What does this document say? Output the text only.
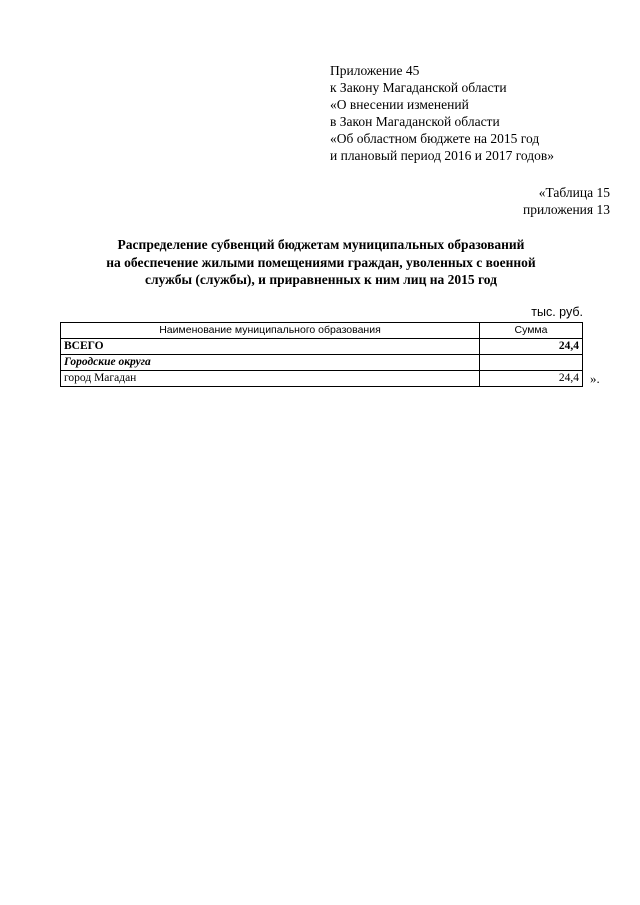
Приложение 45
к Закону Магаданской области
«О внесении изменений
в Закон Магаданской области
«Об областном бюджете на 2015 год
и плановый период 2016 и 2017 годов»
«Таблица 15
приложения 13
Распределение субвенций бюджетам муниципальных образований
на обеспечение жилыми помещениями граждан, уволенных с военной
службы (службы), и приравненных к ним лиц на 2015 год
тыс. руб.
Наименование муниципального образования	Сумма
ВСЕГО	24,4
Городские округа	
город Магадан	24,4 ».
